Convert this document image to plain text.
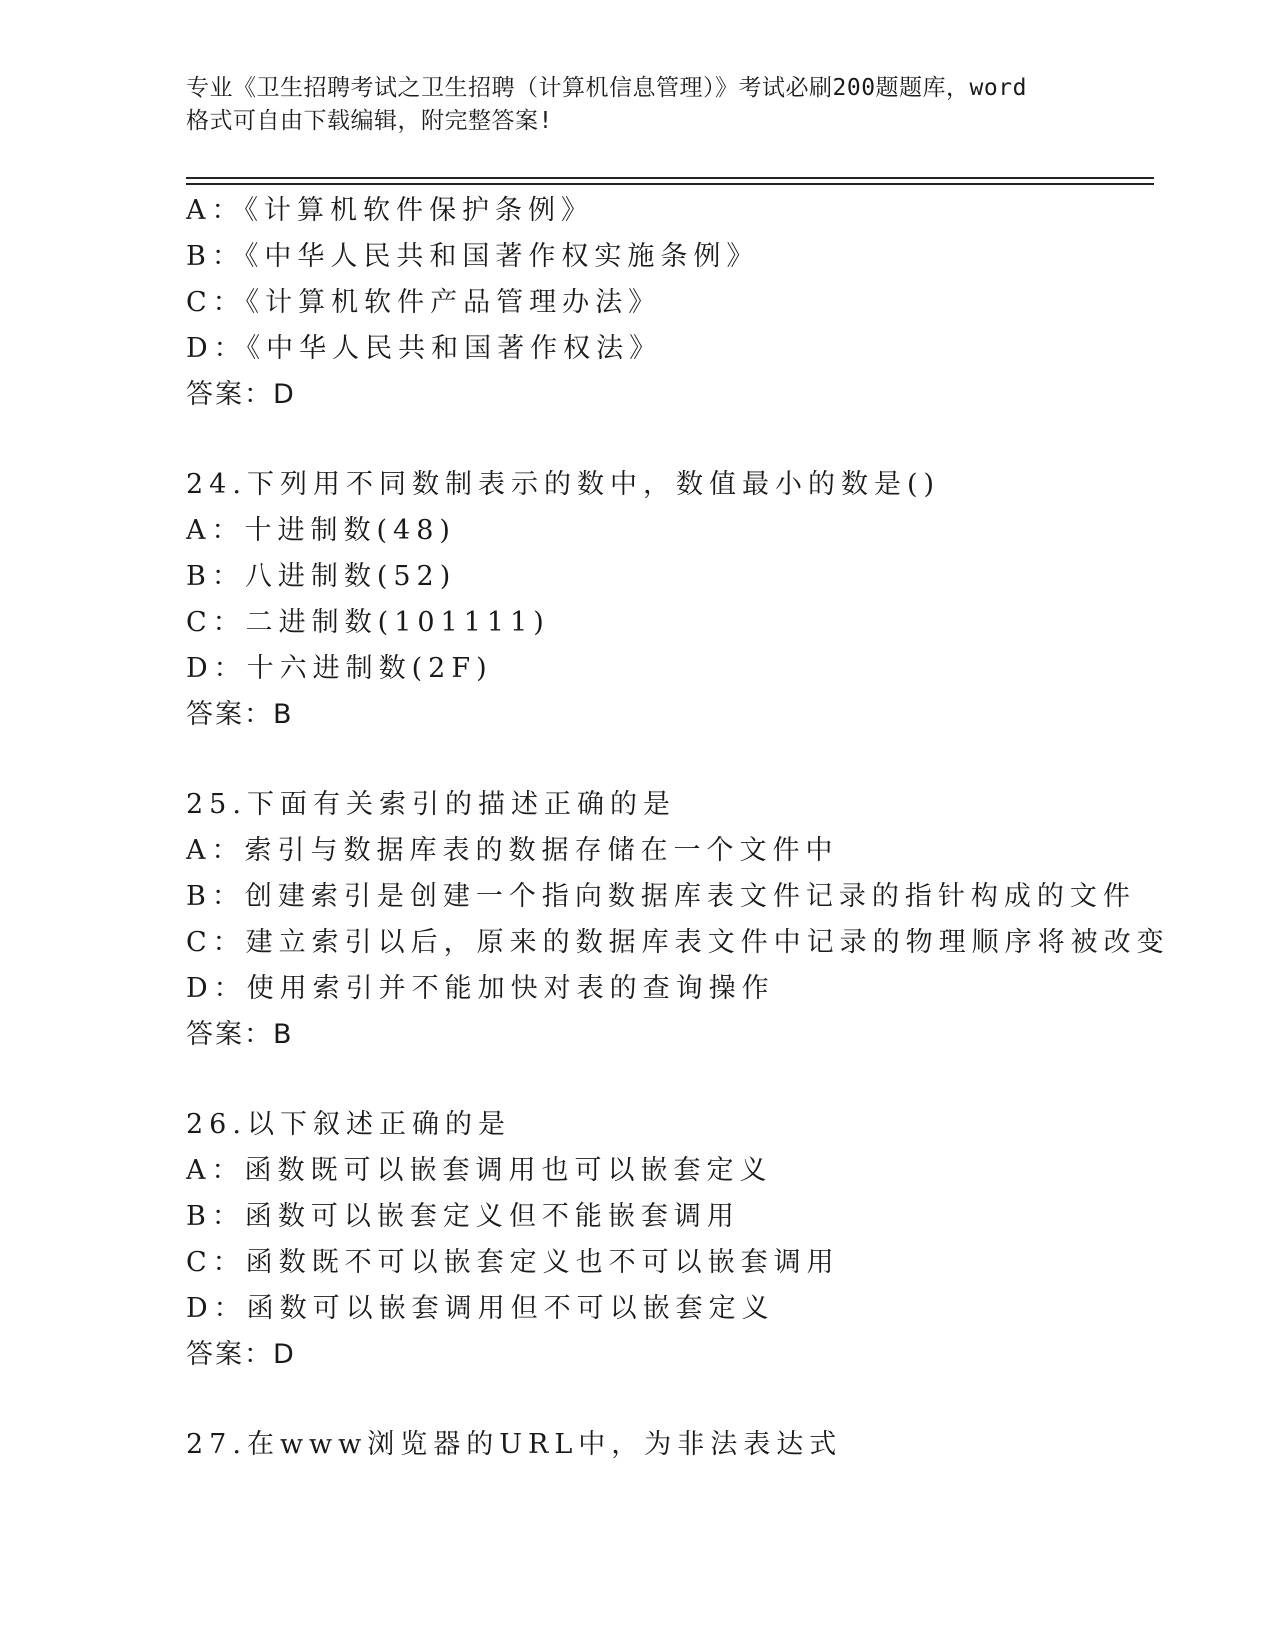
专业《卫生招聘考试之卫生招聘（计算机信息管理）》考试必刷200题题库，word
格式可自由下载编辑，附完整答案!
A：《计算机软件保护条例》
B：《中华人民共和国著作权实施条例》
C：《计算机软件产品管理办法》
D：《中华人民共和国著作权法》
答案：D
24.下列用不同数制表示的数中，数值最小的数是()
A：十进制数(48)
B：八进制数(52)
C：二进制数(101111)
D：十六进制数(2F)
答案：B
25.下面有关索引的描述正确的是
A：索引与数据库表的数据存储在一个文件中
B：创建索引是创建一个指向数据库表文件记录的指针构成的文件
C：建立索引以后，原来的数据库表文件中记录的物理顺序将被改变
D：使用索引并不能加快对表的查询操作
答案：B
26.以下叙述正确的是
A：函数既可以嵌套调用也可以嵌套定义
B：函数可以嵌套定义但不能嵌套调用
C：函数既不可以嵌套定义也不可以嵌套调用
D：函数可以嵌套调用但不可以嵌套定义
答案：D
27.在www浏览器的URL中，为非法表达式
